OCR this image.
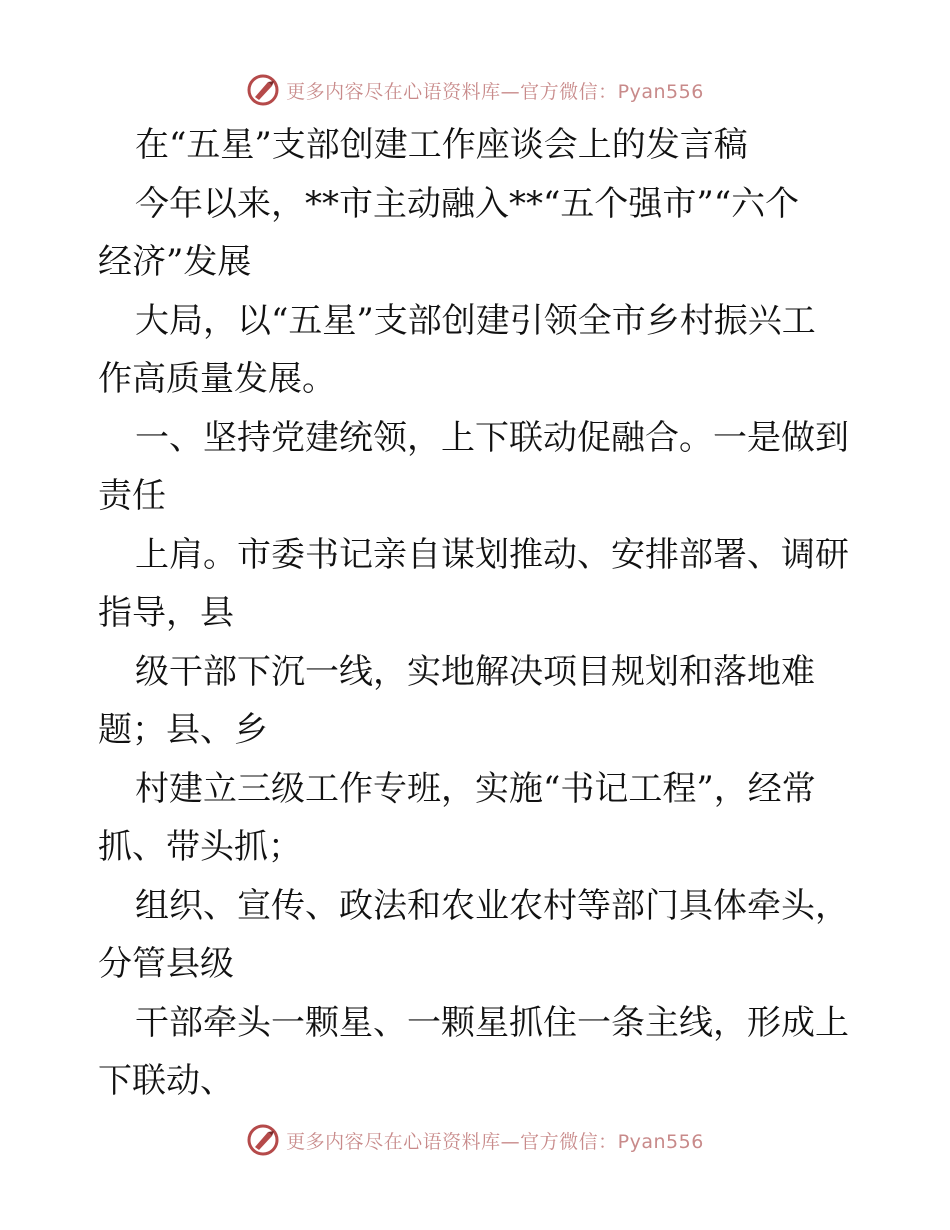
更多内容尽在心语资料库—官方微信：Pyan556
在“五星”支部创建工作座谈会上的发言稿
今年以来，**市主动融入**“五个强市”“六个
经济”发展
大局，以“五星”支部创建引领全市乡村振兴工
作高质量发展。
一、坚持党建统领，上下联动促融合。一是做到
责任
上肩。市委书记亲自谋划推动、安排部署、调研
指导，县
级干部下沉一线，实地解决项目规划和落地难
题；县、乡
村建立三级工作专班，实施“书记工程”，经常
抓、带头抓；
组织、宣传、政法和农业农村等部门具体牵头，
分管县级
干部牵头一颗星、一颗星抓住一条主线，形成上
下联动、
更多内容尽在心语资料库—官方微信：Pyan556
